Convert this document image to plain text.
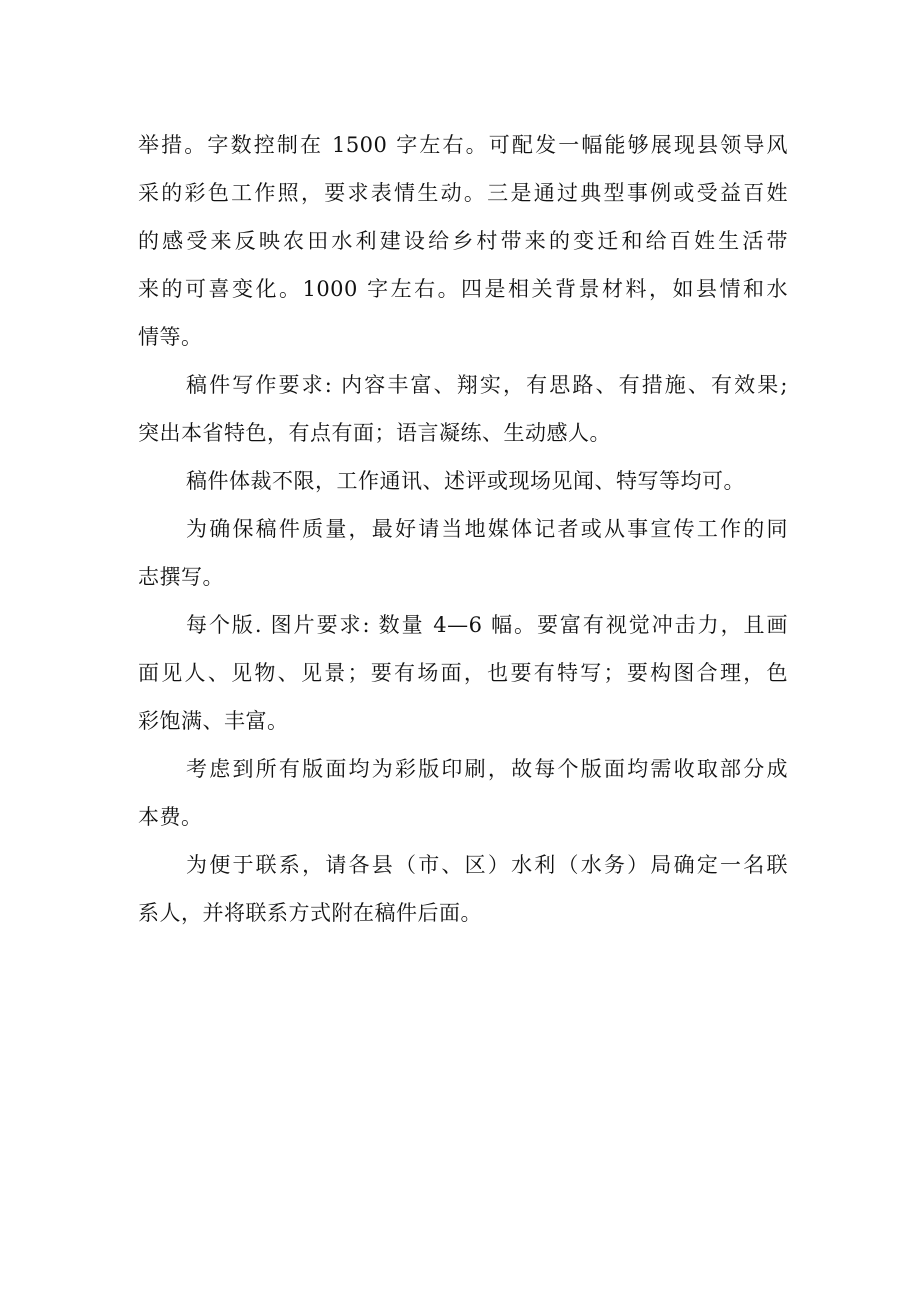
举措。字数控制在 1500 字左右。可配发一幅能够展现县领导风
采的彩色工作照，要求表情生动。三是通过典型事例或受益百姓
的感受来反映农田水利建设给乡村带来的变迁和给百姓生活带
来的可喜变化。1000 字左右。四是相关背景材料，如县情和水
情等。
稿件写作要求: 内容丰富、翔实，有思路、有措施、有效果;
突出本省特色，有点有面；语言凝练、生动感人。
稿件体裁不限，工作通讯、述评或现场见闻、特写等均可。
为确保稿件质量，最好请当地媒体记者或从事宣传工作的同
志撰写。
每个版. 图片要求: 数量 4—6 幅。要富有视觉冲击力，且画
面见人、见物、见景；要有场面，也要有特写；要构图合理，色
彩饱满、丰富。
考虑到所有版面均为彩版印刷，故每个版面均需收取部分成
本费。
为便于联系，请各县（市、区）水利（水务）局确定一名联
系人，并将联系方式附在稿件后面。
